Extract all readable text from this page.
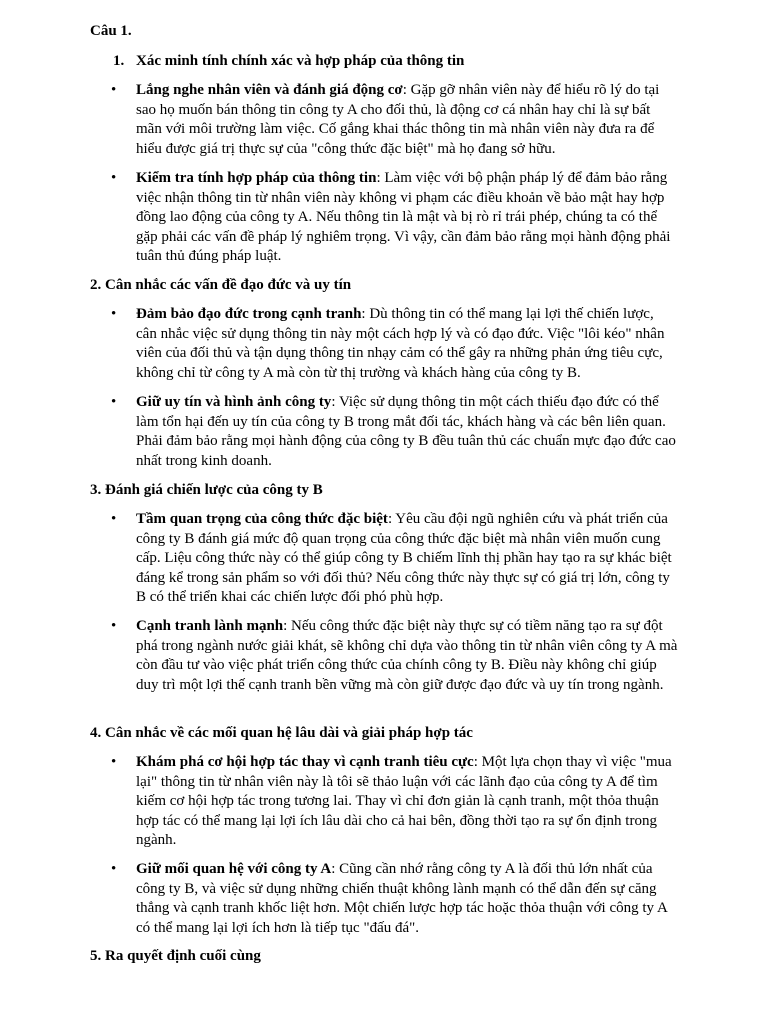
Câu 1.
1. Xác minh tính chính xác và hợp pháp của thông tin
• Lắng nghe nhân viên và đánh giá động cơ: Gặp gỡ nhân viên này để hiểu rõ lý do tại sao họ muốn bán thông tin công ty A cho đối thủ, là động cơ cá nhân hay chỉ là sự bất mãn với môi trường làm việc. Cố gắng khai thác thông tin mà nhân viên này đưa ra để hiểu được giá trị thực sự của "công thức đặc biệt" mà họ đang sở hữu.
• Kiểm tra tính hợp pháp của thông tin: Làm việc với bộ phận pháp lý để đảm bảo rằng việc nhận thông tin từ nhân viên này không vi phạm các điều khoản về bảo mật hay hợp đồng lao động của công ty A. Nếu thông tin là mật và bị rò rỉ trái phép, chúng ta có thể gặp phải các vấn đề pháp lý nghiêm trọng. Vì vậy, cần đảm bảo rằng mọi hành động phải tuân thủ đúng pháp luật.
2. Cân nhắc các vấn đề đạo đức và uy tín
• Đảm bảo đạo đức trong cạnh tranh: Dù thông tin có thể mang lại lợi thế chiến lược, cân nhắc việc sử dụng thông tin này một cách hợp lý và có đạo đức. Việc "lôi kéo" nhân viên của đối thủ và tận dụng thông tin nhạy cảm có thể gây ra những phản ứng tiêu cực, không chỉ từ công ty A mà còn từ thị trường và khách hàng của công ty B.
• Giữ uy tín và hình ảnh công ty: Việc sử dụng thông tin một cách thiếu đạo đức có thể làm tổn hại đến uy tín của công ty B trong mắt đối tác, khách hàng và các bên liên quan. Phải đảm bảo rằng mọi hành động của công ty B đều tuân thủ các chuẩn mực đạo đức cao nhất trong kinh doanh.
3. Đánh giá chiến lược của công ty B
• Tầm quan trọng của công thức đặc biệt: Yêu cầu đội ngũ nghiên cứu và phát triển của công ty B đánh giá mức độ quan trọng của công thức đặc biệt mà nhân viên muốn cung cấp. Liệu công thức này có thể giúp công ty B chiếm lĩnh thị phần hay tạo ra sự khác biệt đáng kể trong sản phẩm so với đối thủ? Nếu công thức này thực sự có giá trị lớn, công ty B có thể triển khai các chiến lược đối phó phù hợp.
• Cạnh tranh lành mạnh: Nếu công thức đặc biệt này thực sự có tiềm năng tạo ra sự đột phá trong ngành nước giải khát, sẽ không chỉ dựa vào thông tin từ nhân viên công ty A mà còn đầu tư vào việc phát triển công thức của chính công ty B. Điều này không chỉ giúp duy trì một lợi thế cạnh tranh bền vững mà còn giữ được đạo đức và uy tín trong ngành.
4. Cân nhắc về các mối quan hệ lâu dài và giải pháp hợp tác
• Khám phá cơ hội hợp tác thay vì cạnh tranh tiêu cực: Một lựa chọn thay vì việc "mua lại" thông tin từ nhân viên này là tôi sẽ thảo luận với các lãnh đạo của công ty A để tìm kiếm cơ hội hợp tác trong tương lai. Thay vì chỉ đơn giản là cạnh tranh, một thỏa thuận hợp tác có thể mang lại lợi ích lâu dài cho cả hai bên, đồng thời tạo ra sự ổn định trong ngành.
• Giữ mối quan hệ với công ty A: Cũng cần nhớ rằng công ty A là đối thủ lớn nhất của công ty B, và việc sử dụng những chiến thuật không lành mạnh có thể dẫn đến sự căng thẳng và cạnh tranh khốc liệt hơn. Một chiến lược hợp tác hoặc thỏa thuận với công ty A có thể mang lại lợi ích hơn là tiếp tục "đấu đá".
5. Ra quyết định cuối cùng
